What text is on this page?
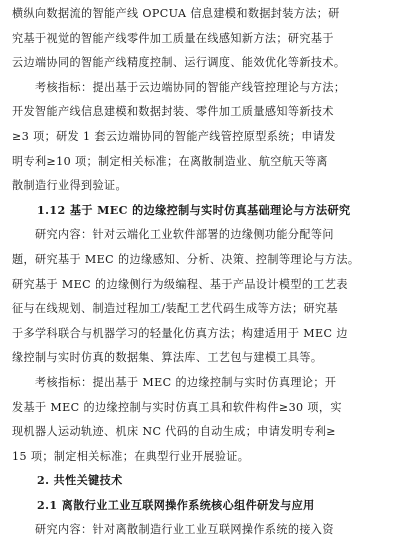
横纵向数据流的智能产线 OPCUA 信息建模和数据封装方法；研
究基于视觉的智能产线零件加工质量在线感知新方法；研究基于
云边端协同的智能产线精度控制、运行调度、能效优化等新技术。
考核指标：提出基于云边端协同的智能产线管控理论与方法；
开发智能产线信息建模和数据封装、零件加工质量感知等新技术
≥3 项；研发 1 套云边端协同的智能产线管控原型系统；申请发
明专利≥10 项；制定相关标准；在离散制造业、航空航天等离
散制造行业得到验证。
1.12 基于 MEC 的边缘控制与实时仿真基础理论与方法研究
研究内容：针对云端化工业软件部署的边缘侧功能分配等问
题，研究基于 MEC 的边缘感知、分析、决策、控制等理论与方法。
研究基于 MEC 的边缘侧行为级编程、基于产品设计模型的工艺表
征与在线规划、制造过程加工/装配工艺代码生成等方法；研究基
于多学科联合与机器学习的轻量化仿真方法；构建适用于 MEC 边
缘控制与实时仿真的数据集、算法库、工艺包与建模工具等。
考核指标：提出基于 MEC 的边缘控制与实时仿真理论；开
发基于 MEC 的边缘控制与实时仿真工具和软件构件≥30 项，实
现机器人运动轨迹、机床 NC 代码的自动生成；申请发明专利≥
15 项；制定相关标准；在典型行业开展验证。
2. 共性关键技术
2.1 离散行业工业互联网操作系统核心组件研发与应用
研究内容：针对离散制造行业工业互联网操作系统的接入资
